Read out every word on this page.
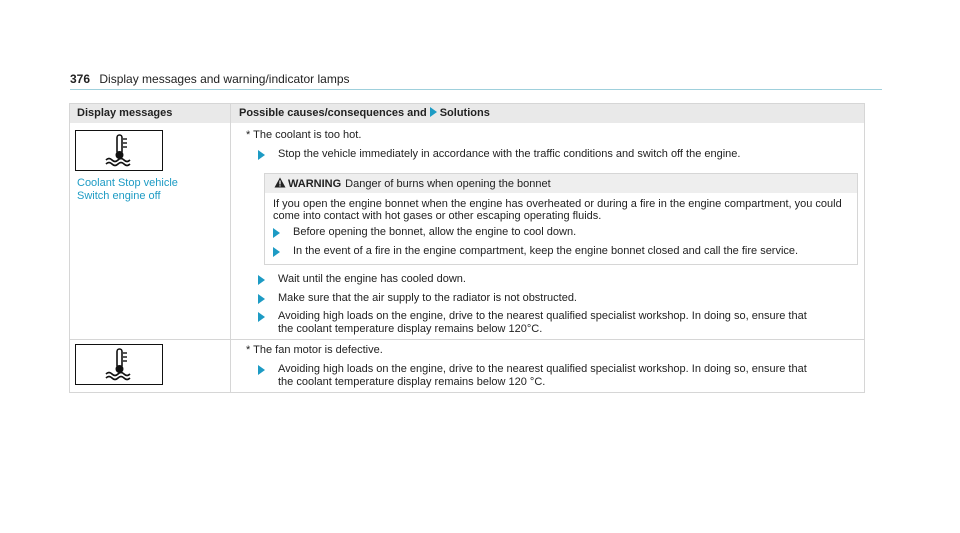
376 Display messages and warning/indicator lamps
Display messages	Possible causes/consequences and Solutions
Coolant Stop vehicle
Switch engine off
* The coolant is too hot.
Stop the vehicle immediately in accordance with the traffic conditions and switch off the engine.
WARNING Danger of burns when opening the bonnet
If you open the engine bonnet when the engine has overheated or during a fire in the engine compartment, you could come into contact with hot gases or other escaping operating fluids.
Before opening the bonnet, allow the engine to cool down.
In the event of a fire in the engine compartment, keep the engine bonnet closed and call the fire service.
Wait until the engine has cooled down.
Make sure that the air supply to the radiator is not obstructed.
Avoiding high loads on the engine, drive to the nearest qualified specialist workshop. In doing so, ensure that
the coolant temperature display remains below 120°C.
* The fan motor is defective.
Avoiding high loads on the engine, drive to the nearest qualified specialist workshop. In doing so, ensure that
the coolant temperature display remains below 120 °C.
